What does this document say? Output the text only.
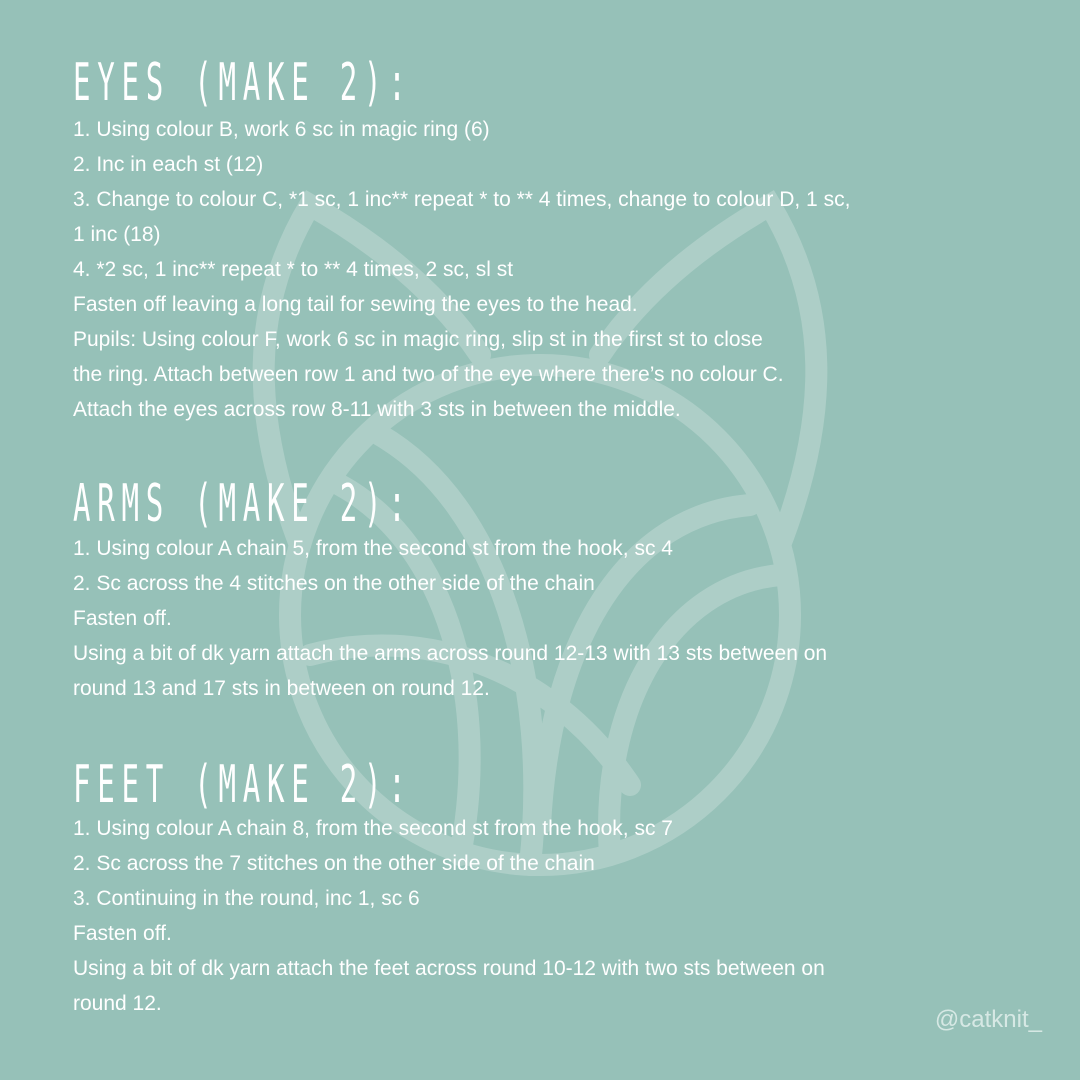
EYES (MAKE 2):
1. Using colour B, work 6 sc in magic ring (6)
2. Inc in each st (12)
3. Change to colour C, *1 sc, 1 inc** repeat * to ** 4 times, change to colour D, 1 sc,
1 inc (18)
4. *2 sc, 1 inc** repeat * to ** 4 times, 2 sc, sl st
Fasten off leaving a long tail for sewing the eyes to the head.
Pupils: Using colour F, work 6 sc in magic ring, slip st in the first st to close
the ring. Attach between row 1 and two of the eye where there’s no colour C.
Attach the eyes across row 8-11 with 3 sts in between the middle.
ARMS (MAKE 2):
1. Using colour A chain 5, from the second st from the hook, sc 4
2. Sc across the 4 stitches on the other side of the chain
Fasten off.
Using a bit of dk yarn attach the arms across round 12-13 with 13 sts between on
round 13 and 17 sts in between on round 12.
FEET (MAKE 2):
1. Using colour A chain 8, from the second st from the hook, sc 7
2. Sc across the 7 stitches on the other side of the chain
3. Continuing in the round, inc 1, sc 6
Fasten off.
Using a bit of dk yarn attach the feet across round 10-12 with two sts between on
round 12.
@catknit_
